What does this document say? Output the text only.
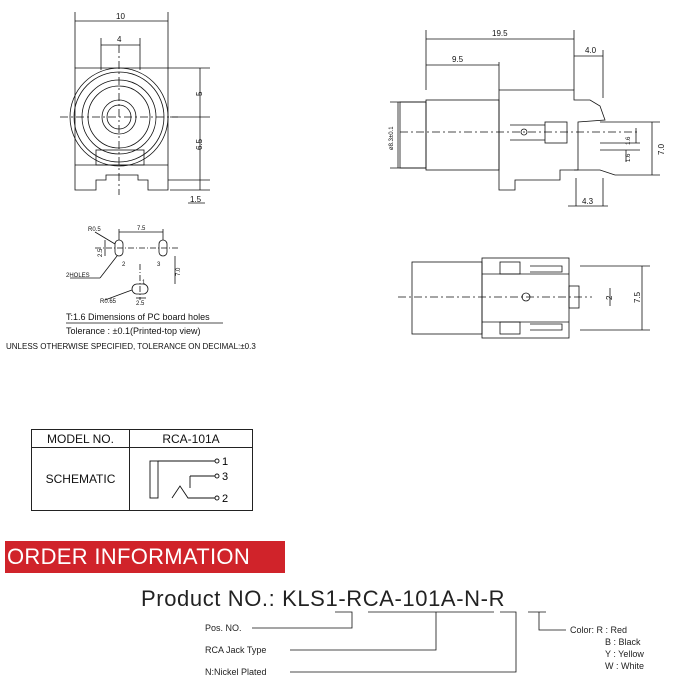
10
4
5
6.5
1.5
19.5
9.5
4.0
ø8.3±0.1	1.6
1.6
7.0
4.3
R0.5
2.5
7.5
2HOLES
1
2	3
7.0
R0.65	2.5
2 7.5
T:1.6 Dimensions of PC board holes
Tolerance : ±0.1(Printed-top view)
UNLESS OTHERWISE SPECIFIED, TOLERANCE ON DECIMAL:±0.3
MODEL NO.	RCA-101A
SCHEMATIC	1
3
2
ORDER INFORMATION
Product NO.: KLS1-RCA-101A-N-R
Pos. NO.
RCA Jack Type
N:Nickel Plated
Color: R : Red
B : Black
Y : Yellow
W : White
